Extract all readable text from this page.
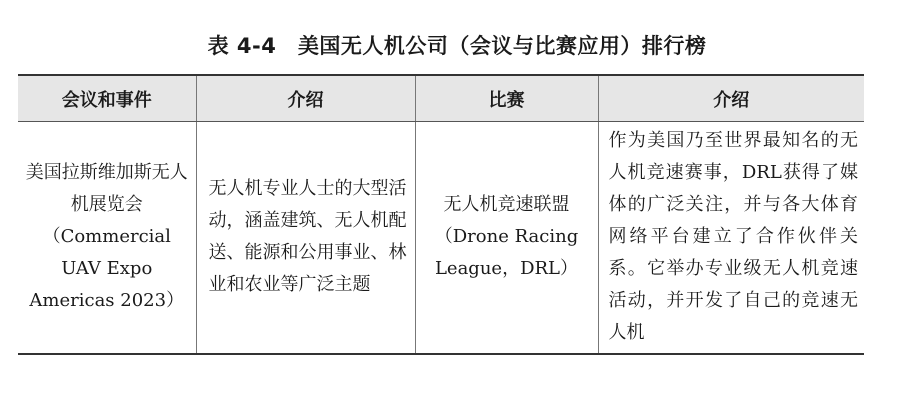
表 4-4　美国无人机公司（会议与比赛应用）排行榜
会议和事件	介绍	比赛	介绍
美国拉斯维加斯无人机展览会（Commercial UAV Expo Americas 2023）	无人机专业人士的大型活动，涵盖建筑、无人机配送、能源和公用事业、林业和农业等广泛主题	无人机竞速联盟（Drone Racing League，DRL）	作为美国乃至世界最知名的无人机竞速赛事，DRL获得了媒体的广泛关注，并与各大体育网络平台建立了合作伙伴关系。它举办专业级无人机竞速活动，并开发了自己的竞速无人机
